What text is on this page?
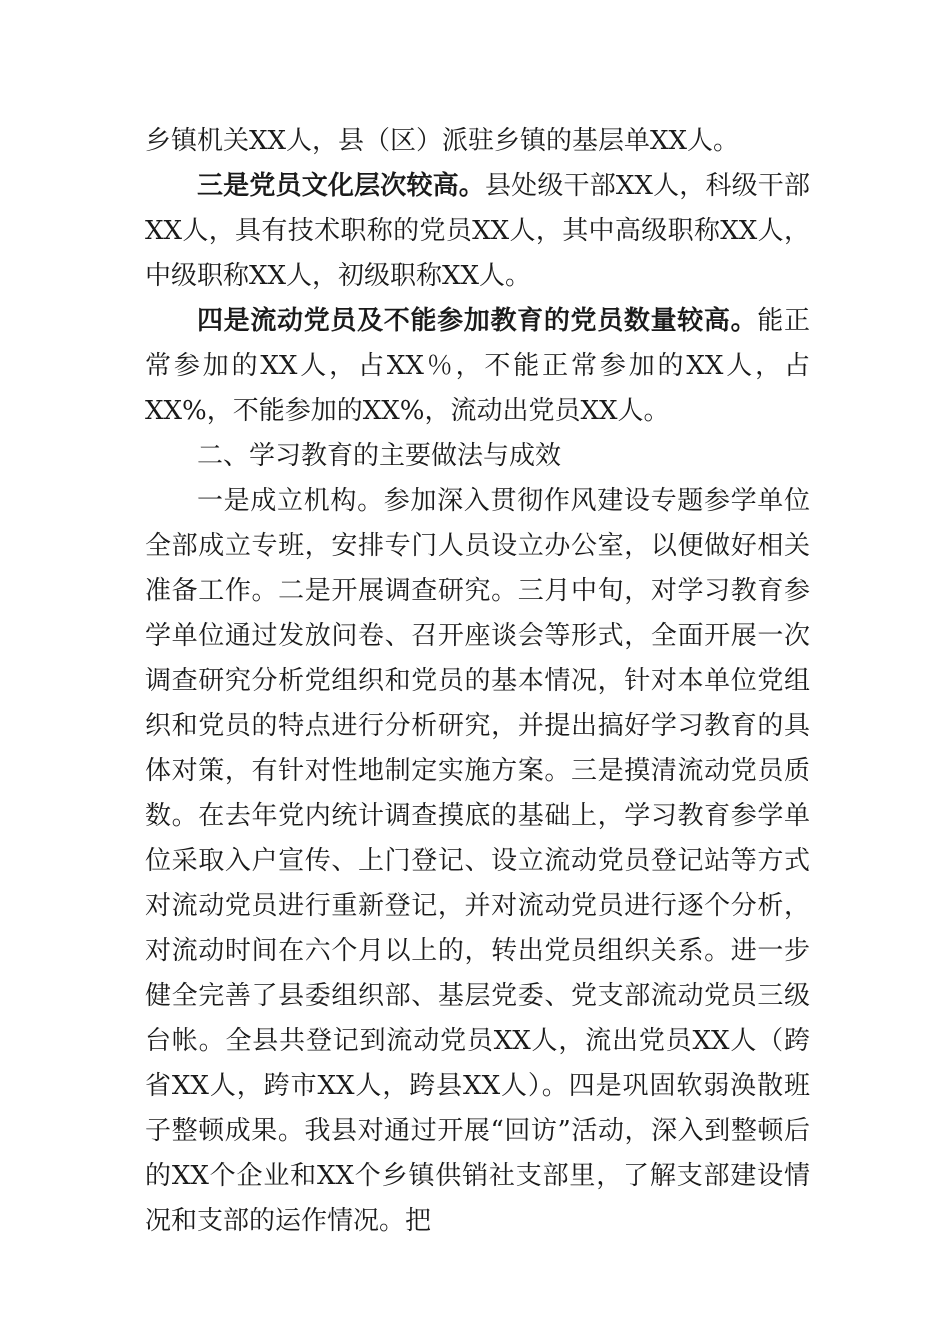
乡镇机关XX人，县（区）派驻乡镇的基层单XX人。

三是党员文化层次较高。县处级干部XX人，科级干部XX人，具有技术职称的党员XX人，其中高级职称XX人，中级职称XX人，初级职称XX人。

四是流动党员及不能参加教育的党员数量较高。能正常参加的XX人，占XX％，不能正常参加的XX人，占XX%，不能参加的XX%，流动出党员XX人。

二、学习教育的主要做法与成效

一是成立机构。参加深入贯彻作风建设专题参学单位全部成立专班，安排专门人员设立办公室，以便做好相关准备工作。二是开展调查研究。三月中旬，对学习教育参学单位通过发放问卷、召开座谈会等形式，全面开展一次调查研究分析党组织和党员的基本情况，针对本单位党组织和党员的特点进行分析研究，并提出搞好学习教育的具体对策，有针对性地制定实施方案。三是摸清流动党员质数。在去年党内统计调查摸底的基础上，学习教育参学单位采取入户宣传、上门登记、设立流动党员登记站等方式对流动党员进行重新登记，并对流动党员进行逐个分析，对流动时间在六个月以上的，转出党员组织关系。进一步健全完善了县委组织部、基层党委、党支部流动党员三级台帐。全县共登记到流动党员XX人，流出党员XX人（跨省XX人，跨市XX人，跨县XX人）。四是巩固软弱涣散班子整顿成果。我县对通过开展“回访”活动，深入到整顿后的XX个企业和XX个乡镇供销社支部里，了解支部建设情况和支部的运作情况。把
